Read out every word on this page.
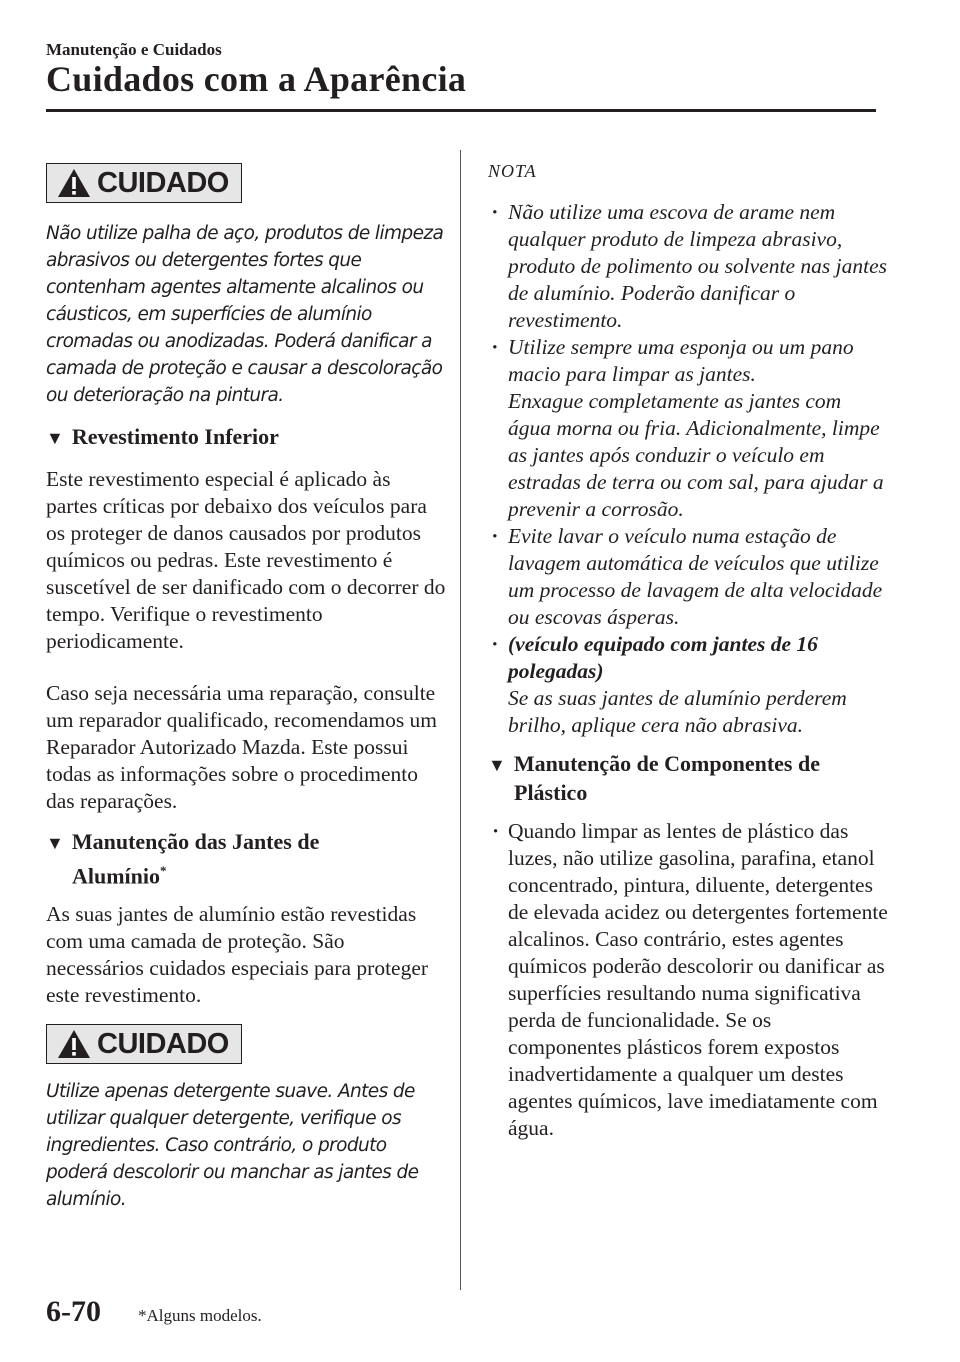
Manutenção e Cuidados
Cuidados com a Aparência
CUIDADO

Não utilize palha de aço, produtos de limpeza abrasivos ou detergentes fortes que contenham agentes altamente alcalinos ou cáusticos, em superfícies de alumínio cromadas ou anodizadas. Poderá danificar a camada de proteção e causar a descoloração ou deterioração na pintura.

▼ Revestimento Inferior

Este revestimento especial é aplicado às partes críticas por debaixo dos veículos para os proteger de danos causados por produtos químicos ou pedras. Este revestimento é suscetível de ser danificado com o decorrer do tempo. Verifique o revestimento periodicamente.

Caso seja necessária uma reparação, consulte um reparador qualificado, recomendamos um Reparador Autorizado Mazda. Este possui todas as informações sobre o procedimento das reparações.

▼ Manutenção das Jantes de
Alumínio*

As suas jantes de alumínio estão revestidas com uma camada de proteção. São necessários cuidados especiais para proteger este revestimento.

CUIDADO

Utilize apenas detergente suave. Antes de utilizar qualquer detergente, verifique os ingredientes. Caso contrário, o produto poderá descolorir ou manchar as jantes de alumínio.

NOTA
· Não utilize uma escova de arame nem qualquer produto de limpeza abrasivo, produto de polimento ou solvente nas jantes de alumínio. Poderão danificar o revestimento.
· Utilize sempre uma esponja ou um pano macio para limpar as jantes.
Enxague completamente as jantes com água morna ou fria. Adicionalmente, limpe as jantes após conduzir o veículo em estradas de terra ou com sal, para ajudar a prevenir a corrosão.
· Evite lavar o veículo numa estação de lavagem automática de veículos que utilize um processo de lavagem de alta velocidade ou escovas ásperas.
· (veículo equipado com jantes de 16 polegadas)
Se as suas jantes de alumínio perderem brilho, aplique cera não abrasiva.
▼ Manutenção de Componentes de
Plástico
· Quando limpar as lentes de plástico das luzes, não utilize gasolina, parafina, etanol concentrado, pintura, diluente, detergentes de elevada acidez ou detergentes fortemente alcalinos. Caso contrário, estes agentes químicos poderão descolorir ou danificar as superfícies resultando numa significativa perda de funcionalidade. Se os componentes plásticos forem expostos inadvertidamente a qualquer um destes agentes químicos, lave imediatamente com água.
6-70 *Alguns modelos.
